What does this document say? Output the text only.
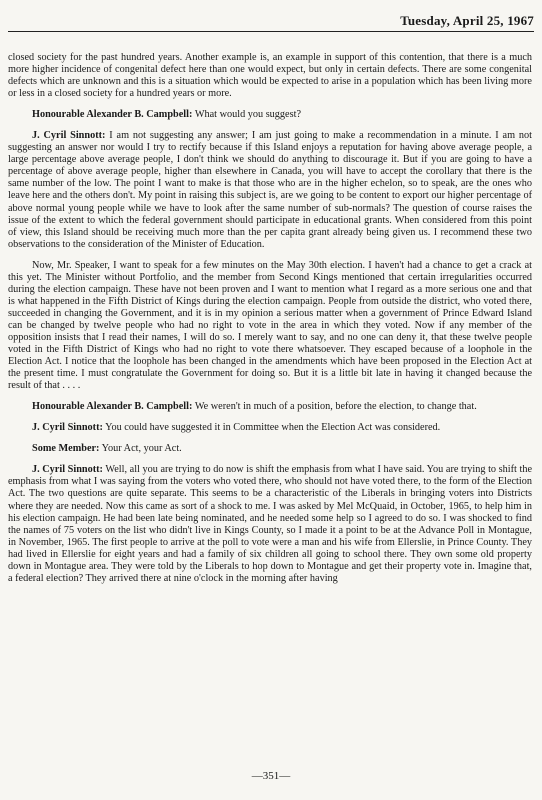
Tuesday, April 25, 1967

closed society for the past hundred years. Another example is, an example in support of this contention, that there is a much more higher incidence of congenital defect here than one would expect, but only in certain defects. There are some congenital defects which are unknown and this is a situation which would be expected to arise in a population which has been living more or less in a closed society for a hundred years or more.

Honourable Alexander B. Campbell: What would you suggest?

J. Cyril Sinnott: I am not suggesting any answer; I am just going to make a recommendation in a minute. I am not suggesting an answer nor would I try to rectify because if this Island enjoys a reputation for having above average people, a large percentage above average people, I don't think we should do anything to discourage it. But if you are going to have a percentage of above average people, higher than elsewhere in Canada, you will have to accept the corollary that there is the same number of the low. The point I want to make is that those who are in the higher echelon, so to speak, are the ones who leave here and the others don't. My point in raising this subject is, are we going to be content to export our higher percentage of above normal young people while we have to look after the same number of sub-normals? The question of course raises the issue of the extent to which the federal government should participate in educational grants. When considered from this point of view, this Island should be receiving much more than the per capita grant already being given us. I recommend these two observations to the consideration of the Minister of Education.

Now, Mr. Speaker, I want to speak for a few minutes on the May 30th election. I haven't had a chance to get a crack at this yet. The Minister without Portfolio, and the member from Second Kings mentioned that certain irregularities occurred during the election campaign. These have not been proven and I want to mention what I regard as a more serious one and that is what happened in the Fifth District of Kings during the election campaign. People from outside the district, who voted there, succeeded in changing the Government, and it is in my opinion a serious matter when a government of Prince Edward Island can be changed by twelve people who had no right to vote in the area in which they voted. Now if any member of the opposition insists that I read their names, I will do so. I merely want to say, and no one can deny it, that these twelve people voted in the Fifth District of Kings who had no right to vote there whatsoever. They escaped because of a loophole in the Election Act. I notice that the loophole has been changed in the amendments which have been proposed in the Election Act at the present time. I must congratulate the Government for doing so. But it is a little bit late in having it changed because the result of that . . . .

Honourable Alexander B. Campbell: We weren't in much of a position, before the election, to change that.

J. Cyril Sinnott: You could have suggested it in Committee when the Election Act was considered.

Some Member: Your Act, your Act.

J. Cyril Sinnott: Well, all you are trying to do now is shift the emphasis from what I have said. You are trying to shift the emphasis from what I was saying from the voters who voted there, who should not have voted there, to the form of the Election Act. The two questions are quite separate. This seems to be a characteristic of the Liberals in bringing voters into Districts where they are needed. Now this came as sort of a shock to me. I was asked by Mel McQuaid, in October, 1965, to help him in his election campaign. He had been late being nominated, and he needed some help so I agreed to do so. I was shocked to find the names of 75 voters on the list who didn't live in Kings County, so I made it a point to be at the Advance Poll in Montague, in November, 1965. The first people to arrive at the poll to vote were a man and his wife from Ellerslie, in Prince County. They had lived in Ellerslie for eight years and had a family of six children all going to school there. They own some old property down in Montague area. They were told by the Liberals to hop down to Montague and get their property vote in. Imagine that, a federal election? They arrived there at nine o'clock in the morning after having

—351—
